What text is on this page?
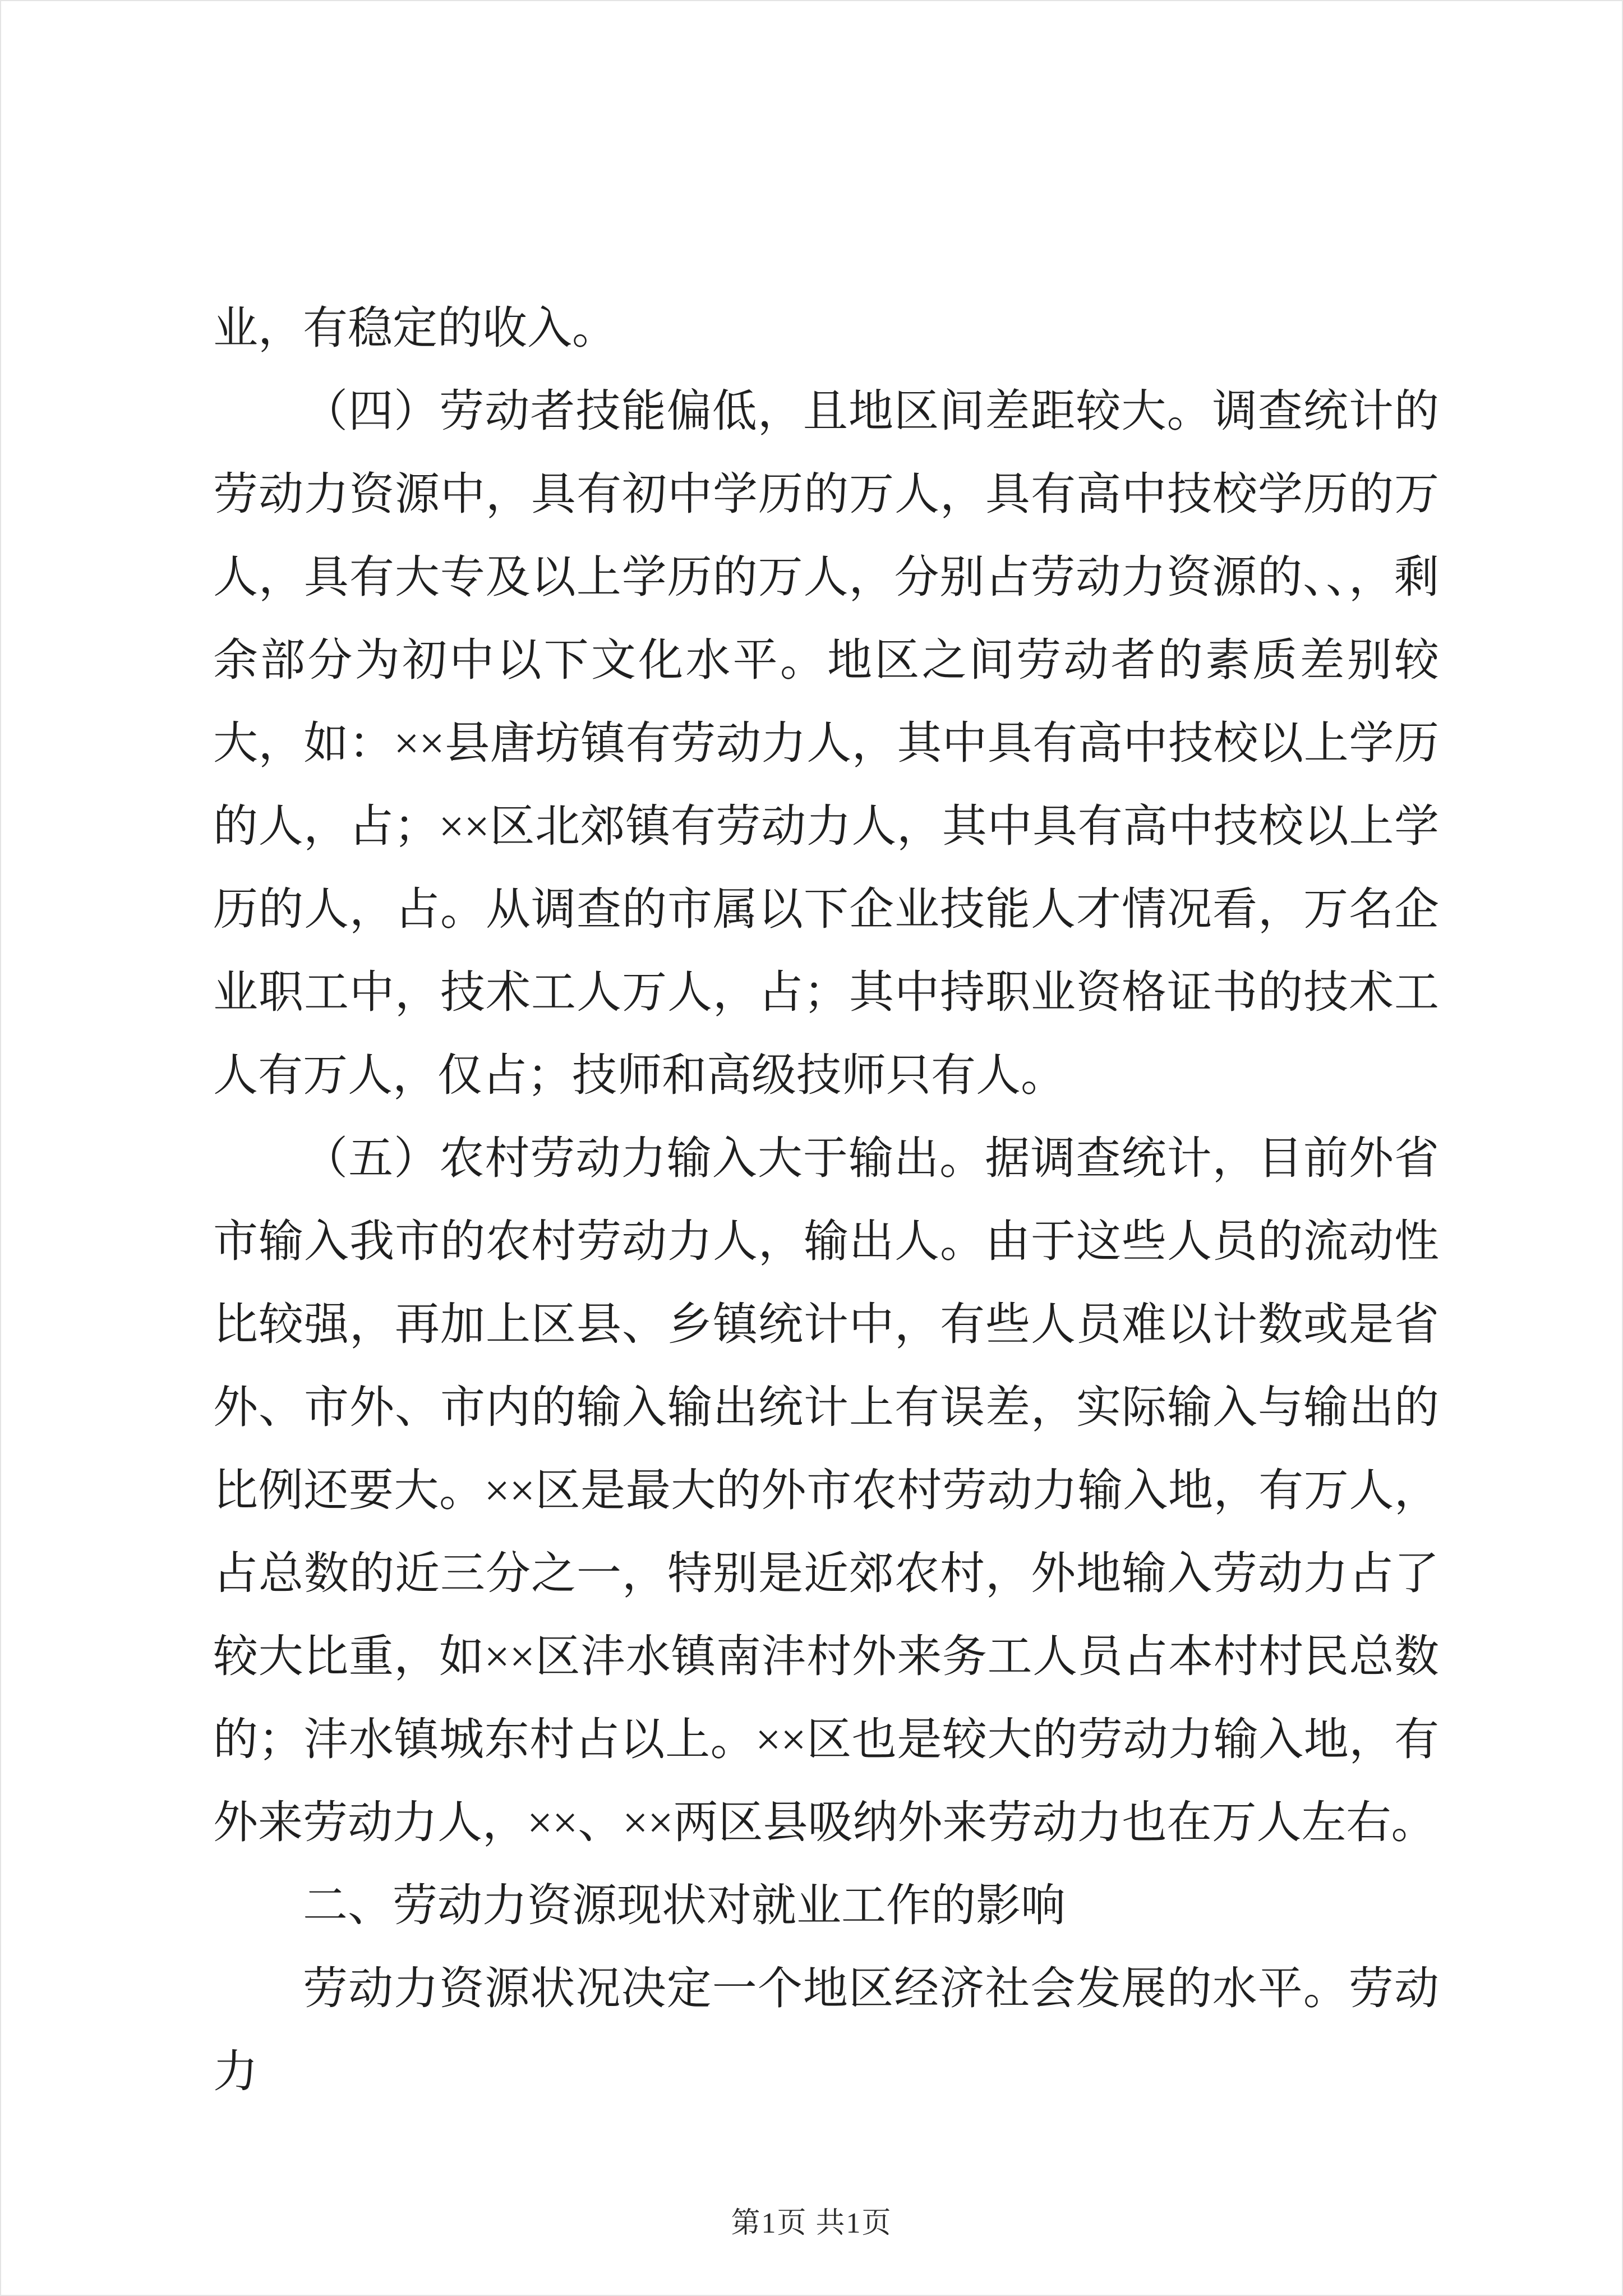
业，有稳定的收入。

（四）劳动者技能偏低，且地区间差距较大。调查统计的劳动力资源中，具有初中学历的万人，具有高中技校学历的万人，具有大专及以上学历的万人，分别占劳动力资源的、、，剩余部分为初中以下文化水平。地区之间劳动者的素质差别较大，如：××县唐坊镇有劳动力人，其中具有高中技校以上学历的人，占；××区北郊镇有劳动力人，其中具有高中技校以上学历的人，占。从调查的市属以下企业技能人才情况看，万名企业职工中，技术工人万人，占；其中持职业资格证书的技术工人有万人，仅占；技师和高级技师只有人。

（五）农村劳动力输入大于输出。据调查统计，目前外省市输入我市的农村劳动力人，输出人。由于这些人员的流动性比较强，再加上区县、乡镇统计中，有些人员难以计数或是省外、市外、市内的输入输出统计上有误差，实际输入与输出的比例还要大。××区是最大的外市农村劳动力输入地，有万人，占总数的近三分之一，特别是近郊农村，外地输入劳动力占了较大比重，如××区沣水镇南沣村外来务工人员占本村村民总数的；沣水镇城东村占以上。××区也是较大的劳动力输入地，有外来劳动力人，××、××两区县吸纳外来劳动力也在万人左右。

二、劳动力资源现状对就业工作的影响

劳动力资源状况决定一个地区经济社会发展的水平。劳动力

第1页 共1页
